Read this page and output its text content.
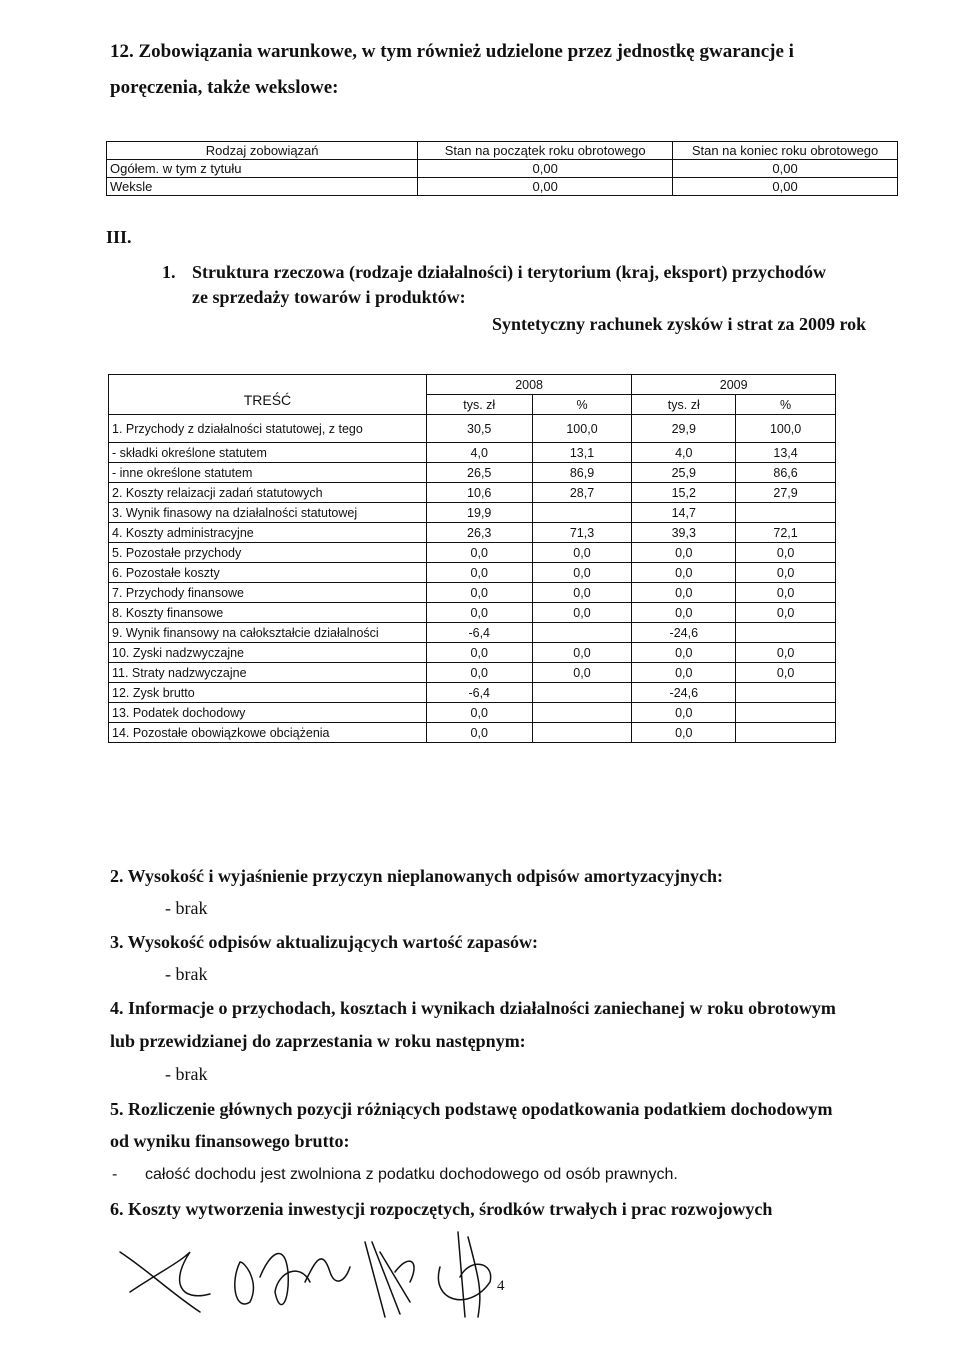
12. Zobowiązania warunkowe, w tym również udzielone przez jednostkę gwarancje i
poręczenia, także wekslowe:
Rodzaj zobowiązań	Stan na początek roku obrotowego	Stan na koniec roku obrotowego
Ogółem. w tym z tytułu	0,00	0,00
Weksle	0,00	0,00
III.
1. Struktura rzeczowa (rodzaje działalności) i terytorium (kraj, eksport) przychodów
ze sprzedaży towarów i produktów:
Syntetyczny rachunek zysków i strat za 2009 rok
TREŚĆ	2008		2009	
	tys. zł	%	tys. zł	%
1. Przychody z działalności statutowej, z tego	30,5	100,0	29,9	100,0
- składki określone statutem	4,0	13,1	4,0	13,4
- inne określone statutem	26,5	86,9	25,9	86,6
2. Koszty relaizacji zadań statutowych	10,6	28,7	15,2	27,9
3. Wynik finasowy na działalności statutowej	19,9		14,7	
4. Koszty administracyjne	26,3	71,3	39,3	72,1
5. Pozostałe przychody	0,0	0,0	0,0	0,0
6. Pozostałe koszty	0,0	0,0	0,0	0,0
7. Przychody finansowe	0,0	0,0	0,0	0,0
8. Koszty finansowe	0,0	0,0	0,0	0,0
9. Wynik finansowy na całokształcie działalności	-6,4		-24,6	
10. Zyski nadzwyczajne	0,0	0,0	0,0	0,0
11. Straty nadzwyczajne	0,0	0,0	0,0	0,0
12. Zysk brutto	-6,4		-24,6	
13. Podatek dochodowy	0,0		0,0	
14. Pozostałe obowiązkowe obciążenia	0,0		0,0	
2. Wysokość i wyjaśnienie przyczyn nieplanowanych odpisów amortyzacyjnych:
- brak
3. Wysokość odpisów aktualizujących wartość zapasów:
- brak
4. Informacje o przychodach, kosztach i wynikach działalności zaniechanej w roku obrotowym
lub przewidzianej do zaprzestania w roku następnym:
- brak
5. Rozliczenie głównych pozycji różniących podstawę opodatkowania podatkiem dochodowym
od wyniku finansowego brutto:
- całość dochodu jest zwolniona z podatku dochodowego od osób prawnych.
6. Koszty wytworzenia inwestycji rozpoczętych, środków trwałych i prac rozwojowych
4
